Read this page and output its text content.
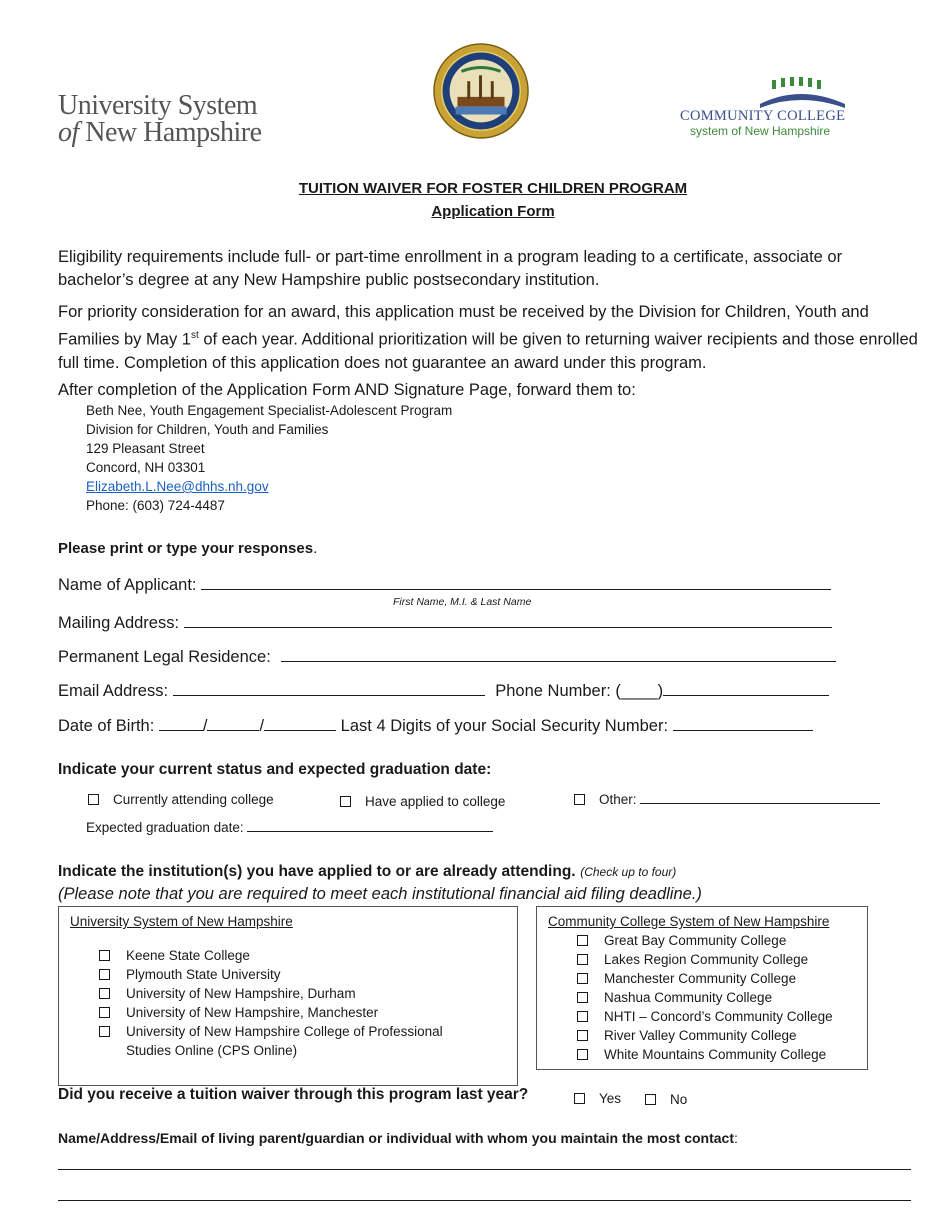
University System
of New Hampshire
COMMUNITY COLLEGE
system of New Hampshire
TUITION WAIVER FOR FOSTER CHILDREN PROGRAM
Application Form
Eligibility requirements include full- or part-time enrollment in a program leading to a certificate, associate or bachelor’s degree at any New Hampshire public postsecondary institution.
For priority consideration for an award, this application must be received by the Division for Children, Youth and Families by May 1st of each year. Additional prioritization will be given to returning waiver recipients and those enrolled full time. Completion of this application does not guarantee an award under this program.
After completion of the Application Form AND Signature Page, forward them to:
Beth Nee, Youth Engagement Specialist-Adolescent Program
Division for Children, Youth and Families
129 Pleasant Street
Concord, NH 03301
Elizabeth.L.Nee@dhhs.nh.gov
Phone: (603) 724-4487
Please print or type your responses.
Name of Applicant:
First Name, M.I. & Last Name
Mailing Address:
Permanent Legal Residence:
Email Address:	Phone Number: (____)
Date of Birth:	/	/	Last 4 Digits of your Social Security Number:
Indicate your current status and expected graduation date:
Currently attending college	Have applied to college	Other:
Expected graduation date:
Indicate the institution(s) you have applied to or are already attending. (Check up to four)
(Please note that you are required to meet each institutional financial aid filing deadline.)
University System of New Hampshire
Keene State College
Plymouth State University
University of New Hampshire, Durham
University of New Hampshire, Manchester
University of New Hampshire College of Professional
Studies Online (CPS Online)
Community College System of New Hampshire
Great Bay Community College
Lakes Region Community College
Manchester Community College
Nashua Community College
NHTI – Concord’s Community College
River Valley Community College
White Mountains Community College
Did you receive a tuition waiver through this program last year?	Yes	No
Name/Address/Email of living parent/guardian or individual with whom you maintain the most contact:
